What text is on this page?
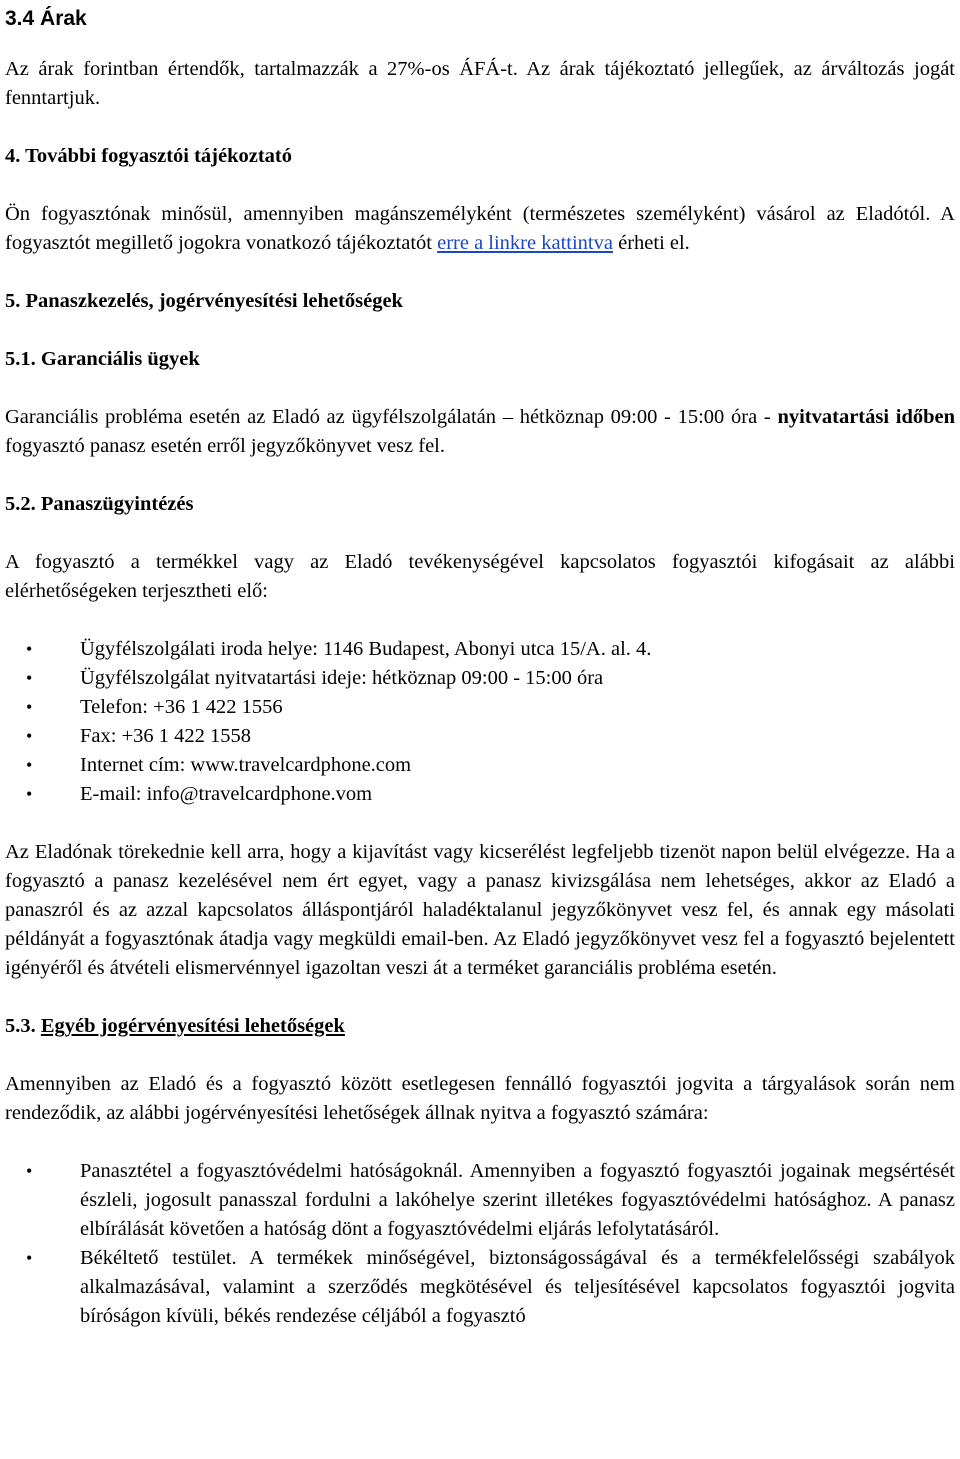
3.4 Árak

Az árak forintban értendők, tartalmazzák a 27%-os ÁFÁ-t. Az árak tájékoztató jellegűek, az árváltozás jogát fenntartjuk.

4. További fogyasztói tájékoztató

Ön fogyasztónak minősül, amennyiben magánszemélyként (természetes személyként) vásárol az Eladótól. A fogyasztót megillető jogokra vonatkozó tájékoztatót erre a linkre kattintva érheti el.

5. Panaszkezelés, jogérvényesítési lehetőségek
5.1. Garanciális ügyek

Garanciális probléma esetén az Eladó az ügyfélszolgálatán – hétköznap 09:00 - 15:00 óra - nyitvatartási időben fogyasztó panasz esetén erről jegyzőkönyvet vesz fel.

5.2. Panaszügyintézés

A fogyasztó a termékkel vagy az Eladó tevékenységével kapcsolatos fogyasztói kifogásait az alábbi elérhetőségeken terjesztheti elő:

• Ügyfélszolgálati iroda helye: 1146 Budapest, Abonyi utca 15/A. al. 4.
• Ügyfélszolgálat nyitvatartási ideje: hétköznap 09:00 - 15:00 óra
• Telefon: +36 1 422 1556
• Fax: +36 1 422 1558
• Internet cím: www.travelcardphone.com
• E-mail: info@travelcardphone.vom

Az Eladónak törekednie kell arra, hogy a kijavítást vagy kicserélést legfeljebb tizenöt napon belül elvégezze. Ha a fogyasztó a panasz kezelésével nem ért egyet, vagy a panasz kivizsgálása nem lehetséges, akkor az Eladó a panaszról és az azzal kapcsolatos álláspontjáról haladéktalanul jegyzőkönyvet vesz fel, és annak egy másolati példányát a fogyasztónak átadja vagy megküldi email-ben. Az Eladó jegyzőkönyvet vesz fel a fogyasztó bejelentett igényéről és átvételi elismervénnyel igazoltan veszi át a terméket garanciális probléma esetén.

5.3. Egyéb jogérvényesítési lehetőségek

Amennyiben az Eladó és a fogyasztó között esetlegesen fennálló fogyasztói jogvita a tárgyalások során nem rendeződik, az alábbi jogérvényesítési lehetőségek állnak nyitva a fogyasztó számára:

• Panasztétel a fogyasztóvédelmi hatóságoknál. Amennyiben a fogyasztó fogyasztói jogainak megsértését észleli, jogosult panasszal fordulni a lakóhelye szerint illetékes fogyasztóvédelmi hatósághoz. A panasz elbírálását követően a hatóság dönt a fogyasztóvédelmi eljárás lefolytatásáról.
• Békéltető testület. A termékek minőségével, biztonságosságával és a termékfelelősségi szabályok alkalmazásával, valamint a szerződés megkötésével és teljesítésével kapcsolatos fogyasztói jogvita bíróságon kívüli, békés rendezése céljából a fogyasztó
